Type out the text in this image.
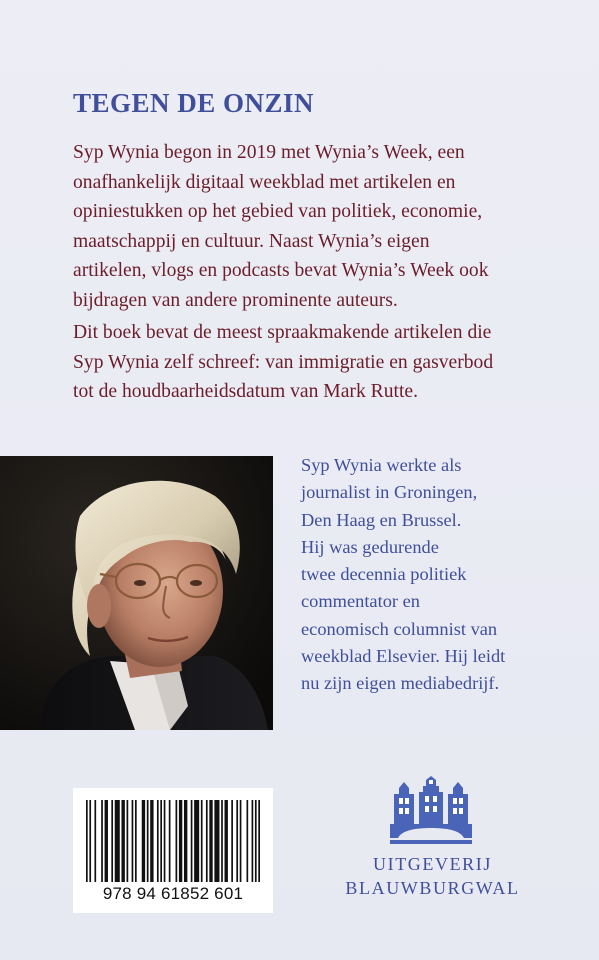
TEGEN DE ONZIN

Syp Wynia begon in 2019 met Wynia’s Week, een
onafhankelijk digitaal weekblad met artikelen en
opiniestukken op het gebied van politiek, economie,
maatschappij en cultuur. Naast Wynia’s eigen
artikelen, vlogs en podcasts bevat Wynia’s Week ook
bijdragen van andere prominente auteurs.

Dit boek bevat de meest spraakmakende artikelen die
Syp Wynia zelf schreef: van immigratie en gasverbod
tot de houdbaarheidsdatum van Mark Rutte.

Syp Wynia werkte als
journalist in Groningen,
Den Haag en Brussel.
Hij was gedurende
twee decennia politiek
commentator en
economisch columnist van
weekblad Elsevier. Hij leidt
nu zijn eigen mediabedrijf.

978 94 61852 601
UITGEVERIJ
BLAUWBURGWAL
